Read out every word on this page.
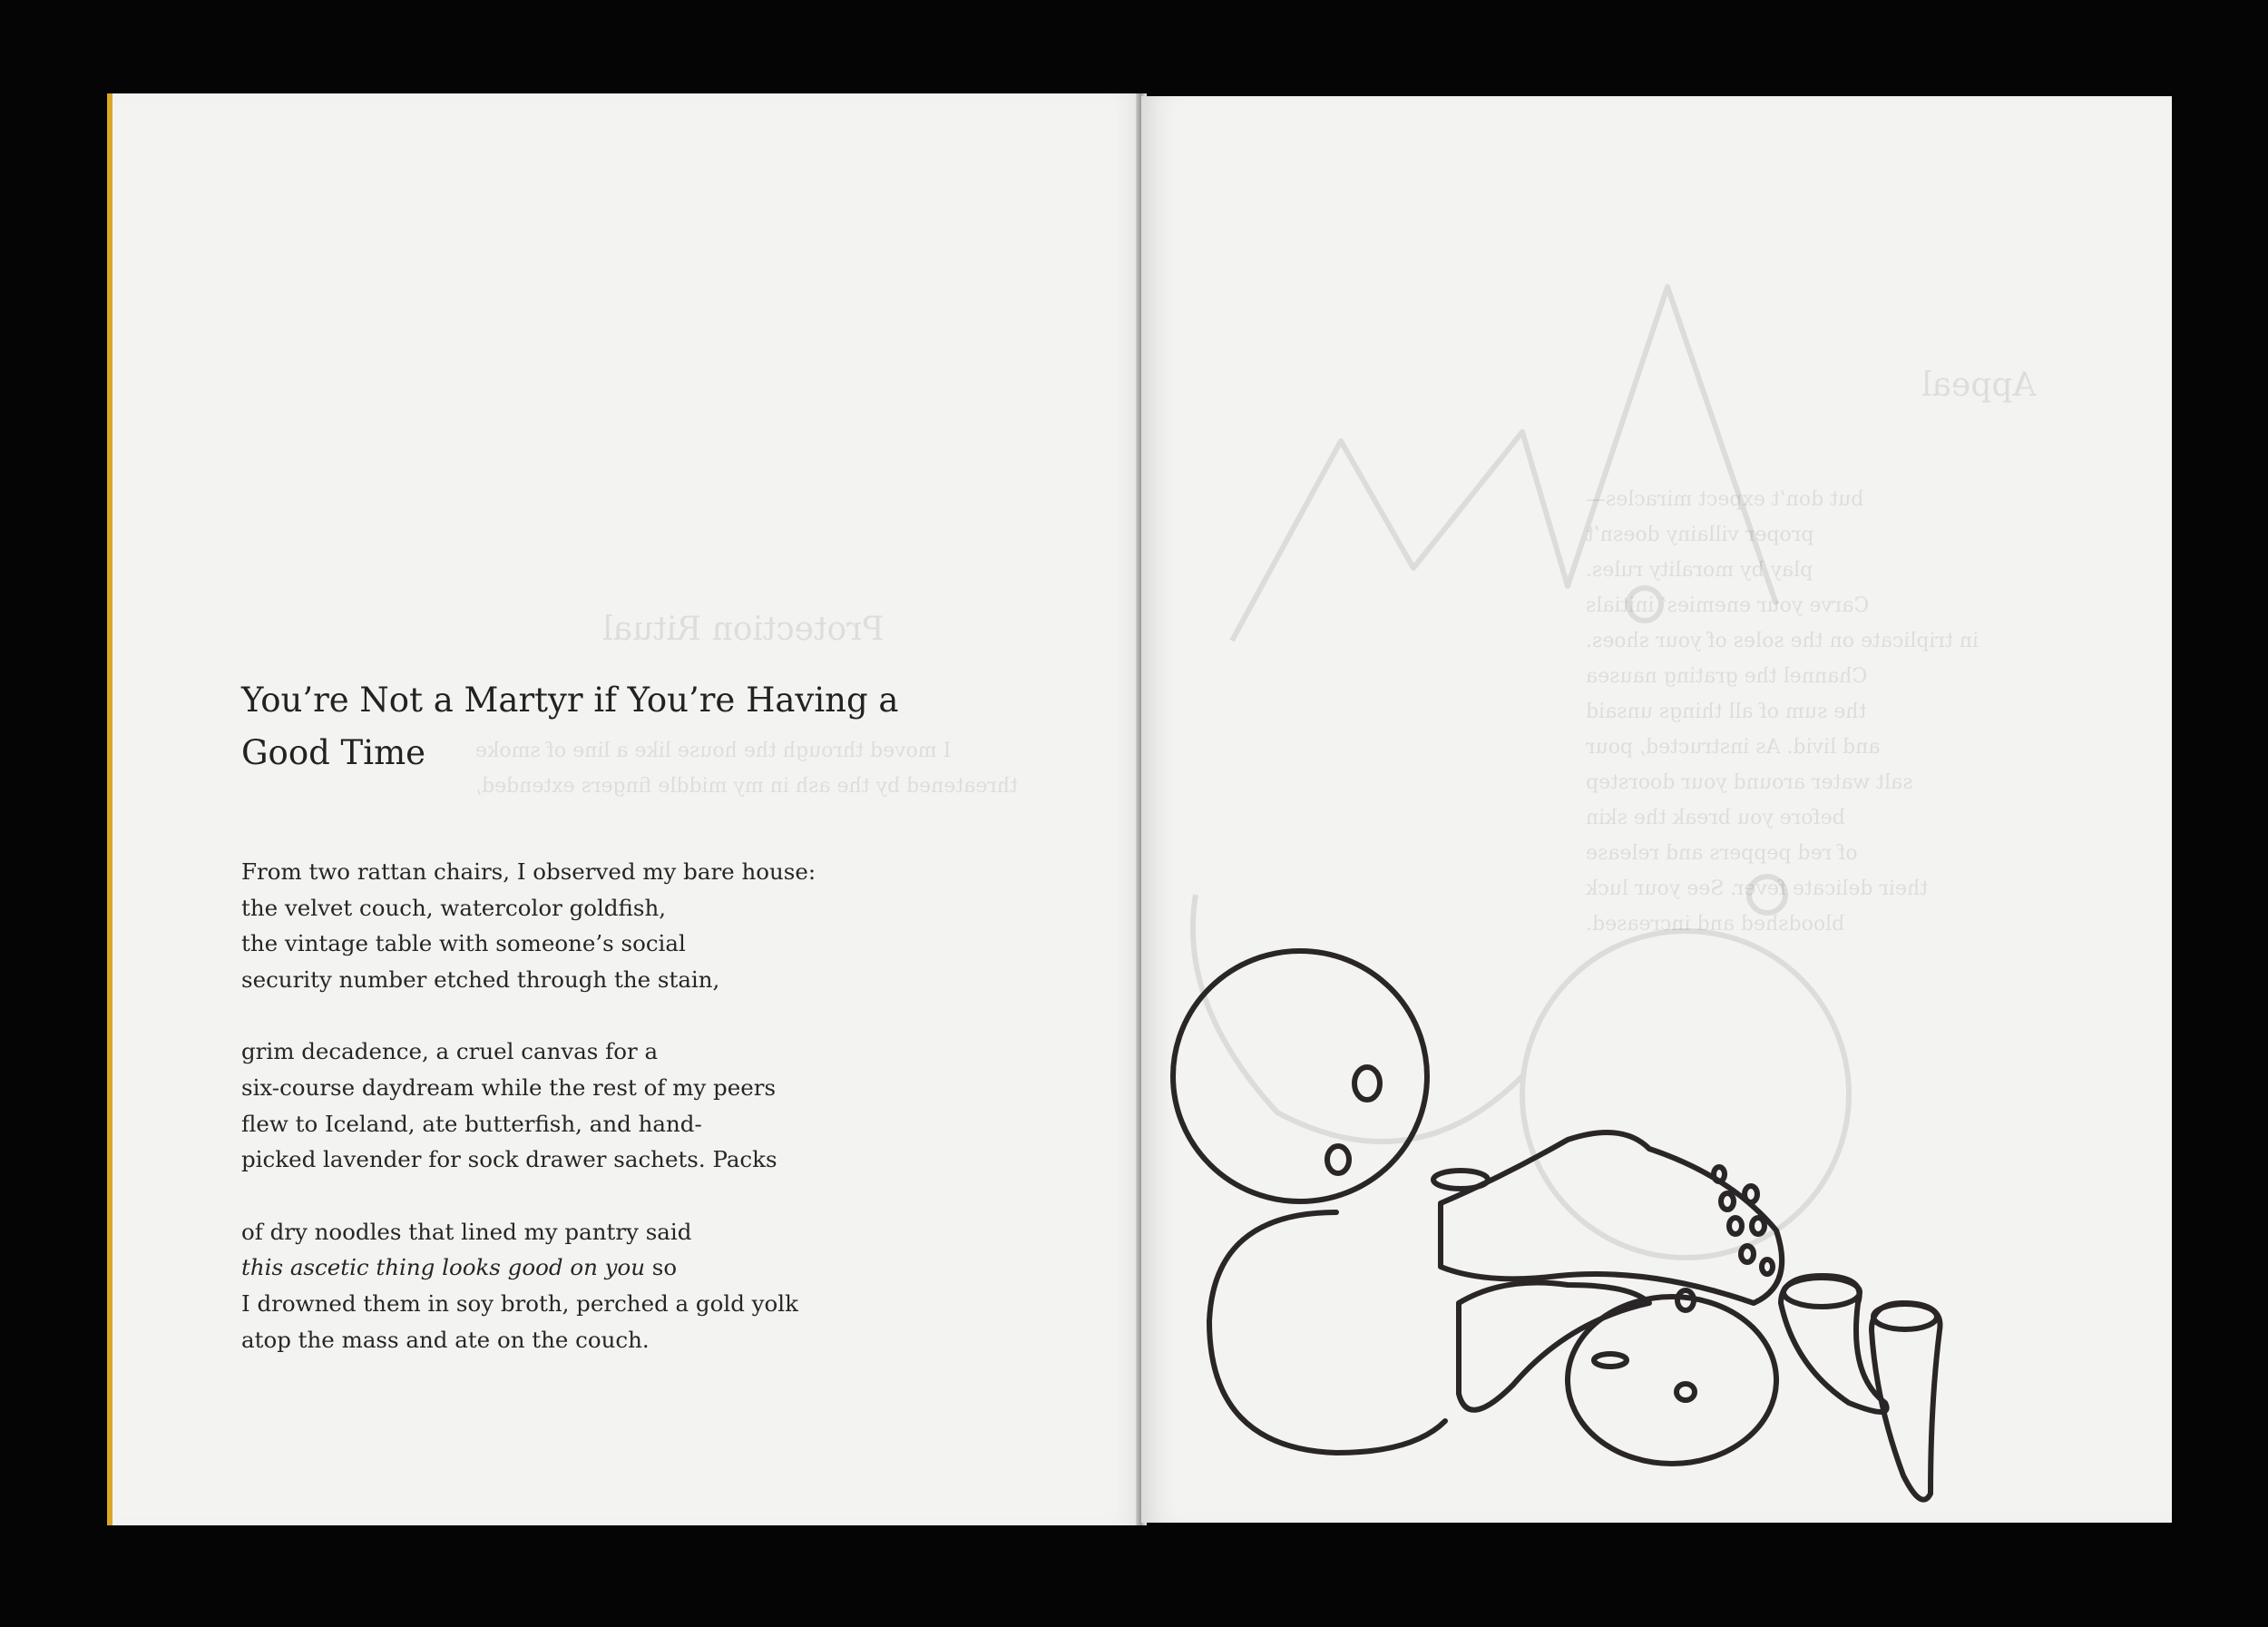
Protection Ritual
I moved through the house like a line of smoke
threatened by the ash in my middle fingers extended,
You’re Not a Martyr if You’re Having a
Good Time
From two rattan chairs, I observed my bare house:
the velvet couch, watercolor goldfish,
the vintage table with someone’s social
security number etched through the stain,
grim decadence, a cruel canvas for a
six-course daydream while the rest of my peers
flew to Iceland, ate butterfish, and hand-
picked lavender for sock drawer sachets. Packs
of dry noodles that lined my pantry said
this ascetic thing looks good on you so
I drowned them in soy broth, perched a gold yolk
atop the mass and ate on the couch.
Appeal
but don’t expect miracles—
proper villainy doesn’t
play by morality rules.
Carve your enemies’ initials
in triplicate on the soles of your shoes.
Channel the grating nausea
the sum of all things unsaid
and livid. As instructed, pour
salt water around your doorstep
before you break the skin
of red peppers and release
their delicate fever. See your luck
bloodshed and increased.
